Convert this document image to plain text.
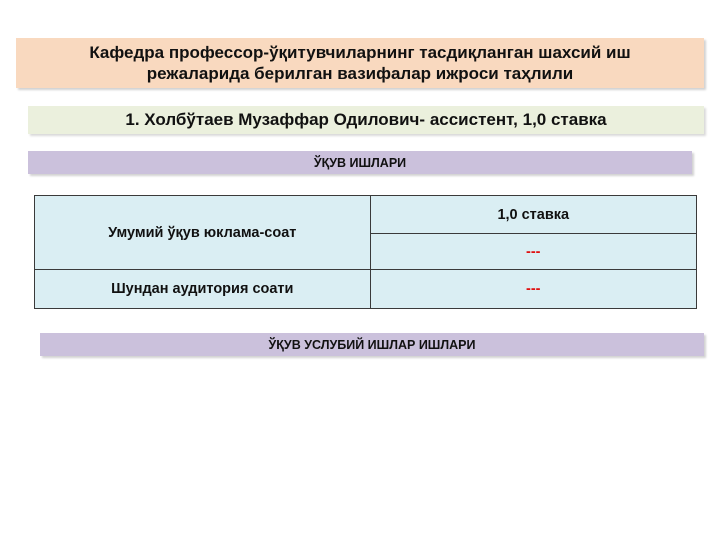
Кафедра профессор-ўқитувчиларнинг тасдиқланган шахсий иш
режаларида берилган вазифалар ижроси таҳлили
1. Холбўтаев Музаффар Одилович- ассистент, 1,0 ставка
ЎҚУВ ИШЛАРИ
Умумий ўқув юклама-соат	1,0 ставка
	---
Шундан аудитория соати	---
ЎҚУВ УСЛУБИЙ ИШЛАР ИШЛАРИ
